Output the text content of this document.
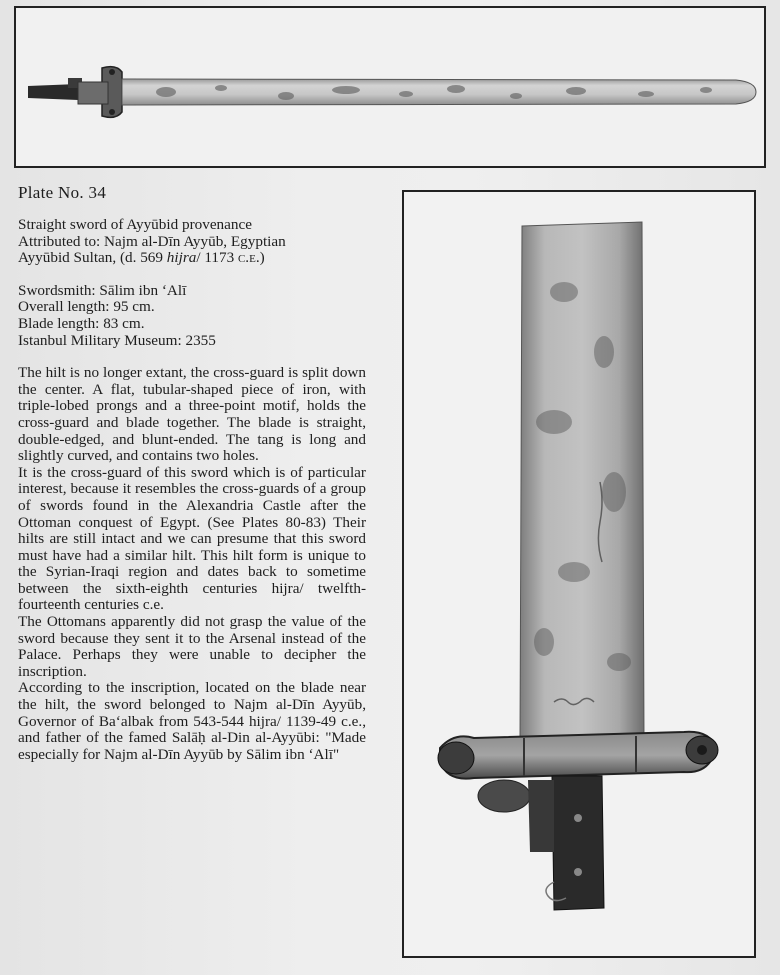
Plate No. 34

Straight sword of Ayyūbid provenance

Attributed to: Najm al-Dīn Ayyūb, Egyptian

Ayyūbid Sultan, (d. 569 hijra/ 1173 c.e.)

Swordsmith: Sālim ibn ‘Alī

Overall length: 95 cm.

Blade length: 83 cm.

Istanbul Military Museum: 2355

The hilt is no longer extant, the cross-guard is split down the center. A flat, tubular-shaped piece of iron, with triple-lobed prongs and a three-point motif, holds the cross-guard and blade together. The blade is straight, double-edged, and blunt-ended. The tang is long and slightly curved, and contains two holes.

It is the cross-guard of this sword which is of particular interest, because it resembles the cross-guards of a group of swords found in the Alexandria Castle after the Ottoman conquest of Egypt. (See Plates 80-83) Their hilts are still intact and we can presume that this sword must have had a similar hilt. This hilt form is unique to the Syrian-Iraqi region and dates back to sometime between the sixth-eighth centuries hijra/ twelfth-fourteenth centuries c.e.

The Ottomans apparently did not grasp the value of the sword because they sent it to the Arsenal instead of the Palace. Perhaps they were unable to decipher the inscription.

According to the inscription, located on the blade near the hilt, the sword belonged to Najm al-Dīn Ayyūb, Governor of Ba‘albak from 543-544 hijra/ 1139-49 c.e., and father of the famed Salāḥ al-Din al-Ayyūbi: "Made especially for Najm al-Dīn Ayyūb by Sālim ibn ‘Alī"
